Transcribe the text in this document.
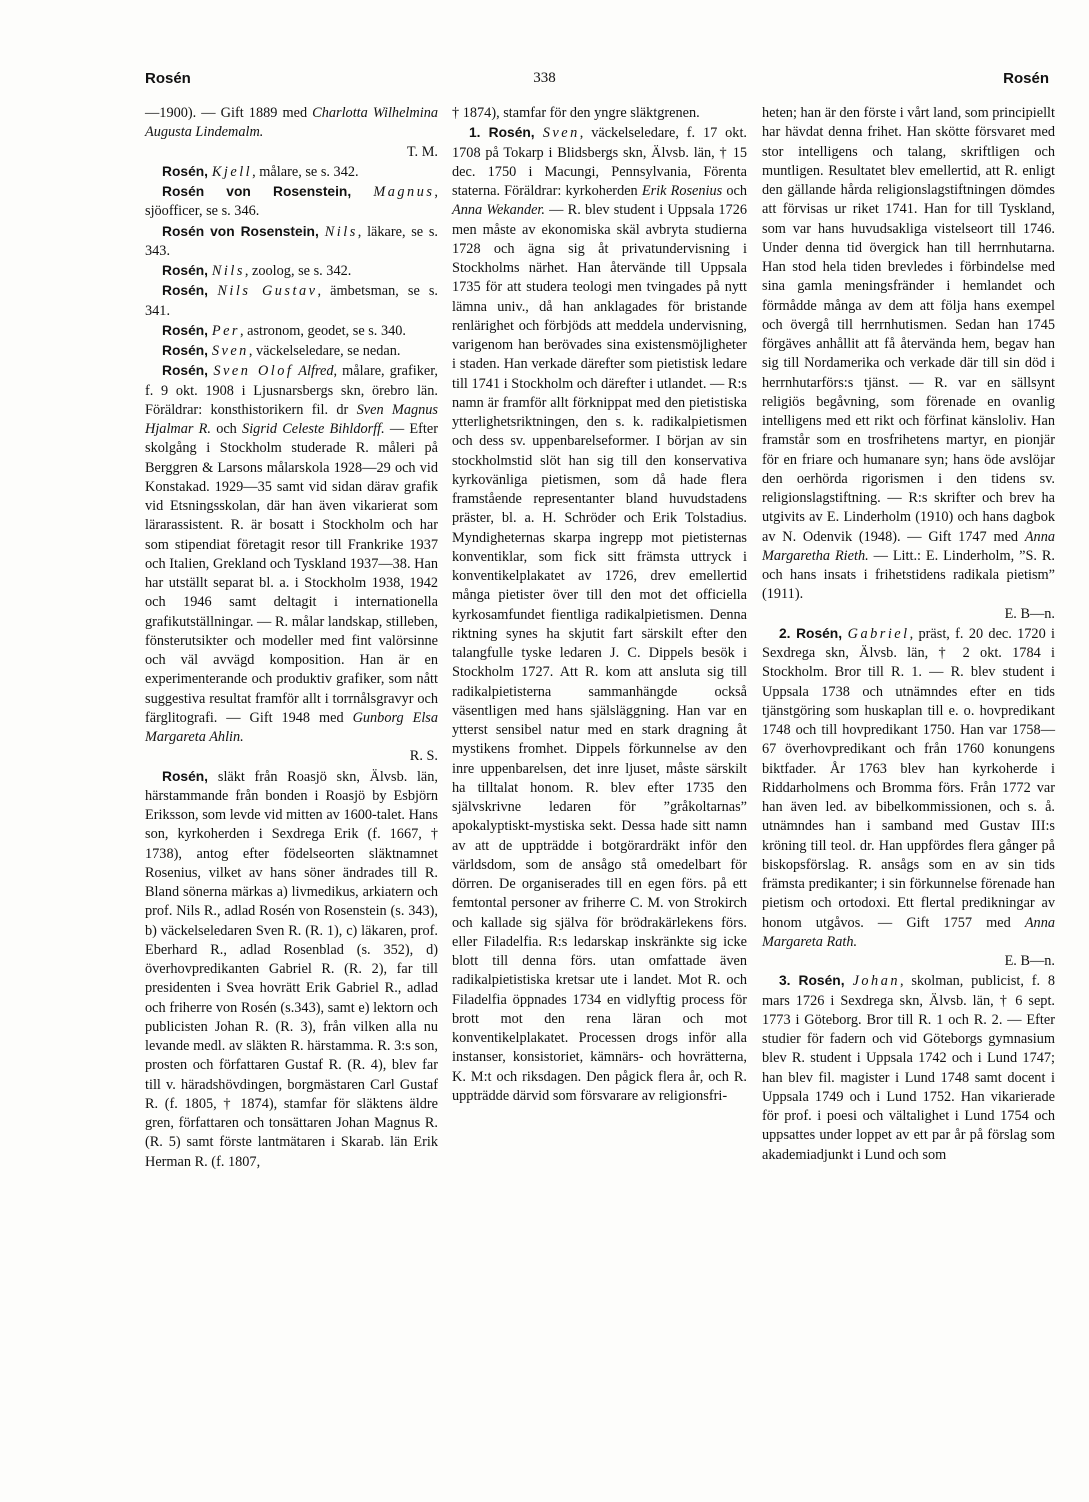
Rosén	338	Rosén

—1900). — Gift 1889 med Charlotta Wilhelmina Augusta Lindemalm.

T. M.

Rosén, Kjell, målare, se s. 342.

Rosén von Rosenstein, Magnus, sjöofficer, se s. 346.

Rosén von Rosenstein, Nils, läkare, se s. 343.

Rosén, Nils, zoolog, se s. 342.

Rosén, Nils Gustav, ämbetsman, se s. 341.

Rosén, Per, astronom, geodet, se s. 340.

Rosén, Sven, väckelseledare, se nedan.

Rosén, Sven Olof Alfred, målare, grafiker, f. 9 okt. 1908 i Ljusnarsbergs skn, örebro län. Föräldrar: konsthistorikern fil. dr Sven Magnus Hjalmar R. och Sigrid Celeste Bihldorff. — Efter skolgång i Stockholm studerade R. måleri på Berggren & Larsons målarskola 1928—29 och vid Konstakad. 1929—35 samt vid sidan därav grafik vid Etsningsskolan, där han även vikarierat som lärarassistent. R. är bosatt i Stockholm och har som stipendiat företagit resor till Frankrike 1937 och Italien, Grekland och Tyskland 1937—38. Han har utställt separat bl. a. i Stockholm 1938, 1942 och 1946 samt deltagit i internationella grafikutställningar. — R. målar landskap, stilleben, fönsterutsikter och modeller med fint valörsinne och väl avvägd komposition. Han är en experimenterande och produktiv grafiker, som nått suggestiva resultat framför allt i torrnålsgravyr och färglitografi. — Gift 1948 med Gunborg Elsa Margareta Ahlin.

R. S.

Rosén, släkt från Roasjö skn, Älvsb. län, härstammande från bonden i Roasjö by Esbjörn Eriksson, som levde vid mitten av 1600-talet. Hans son, kyrkoherden i Sexdrega Erik (f. 1667, † 1738), antog efter födelseorten släktnamnet Rosenius, vilket av hans söner ändrades till R. Bland sönerna märkas a) livmedikus, arkiatern och prof. Nils R., adlad Rosén von Rosenstein (s. 343), b) väckelseledaren Sven R. (R. 1), c) läkaren, prof. Eberhard R., adlad Rosenblad (s. 352), d) överhovpredikanten Gabriel R. (R. 2), far till presidenten i Svea hovrätt Erik Gabriel R., adlad och friherre von Rosén (s.343), samt e) lektorn och publicisten Johan R. (R. 3), från vilken alla nu levande medl. av släkten R. härstamma. R. 3:s son, prosten och författaren Gustaf R. (R. 4), blev far till v. häradshövdingen, borgmästaren Carl Gustaf R. (f. 1805, † 1874), stamfar för släktens äldre gren, författaren och tonsättaren Johan Magnus R. (R. 5) samt förste lantmätaren i Skarab. län Erik Herman R. (f. 1807,

† 1874), stamfar för den yngre släktgrenen.

1. Rosén, Sven, väckelseledare, f. 17 okt. 1708 på Tokarp i Blidsbergs skn, Älvsb. län, † 15 dec. 1750 i Macungi, Pennsylvania, Förenta staterna. Föräldrar: kyrkoherden Erik Rosenius och Anna Wekander. — R. blev student i Uppsala 1726 men måste av ekonomiska skäl avbryta studierna 1728 och ägna sig åt privatundervisning i Stockholms närhet. Han återvände till Uppsala 1735 för att studera teologi men tvingades på nytt lämna univ., då han anklagades för bristande renlärighet och förbjöds att meddela undervisning, varigenom han berövades sina existensmöjligheter i staden. Han verkade därefter som pietistisk ledare till 1741 i Stockholm och därefter i utlandet. — R:s namn är framför allt förknippat med den pietistiska ytterlighetsriktningen, den s. k. radikalpietismen och dess sv. uppenbarelseformer. I början av sin stockholmstid slöt han sig till den konservativa kyrkovänliga pietismen, som då hade flera framstående representanter bland huvudstadens präster, bl. a. H. Schröder och Erik Tolstadius. Myndigheternas skarpa ingrepp mot pietisternas konventiklar, som fick sitt främsta uttryck i konventikelplakatet av 1726, drev emellertid många pietister över till den mot det officiella kyrkosamfundet fientliga radikalpietismen. Denna riktning synes ha skjutit fart särskilt efter den talangfulle tyske ledaren J. C. Dippels besök i Stockholm 1727. Att R. kom att ansluta sig till radikalpietisterna sammanhängde också väsentligen med hans själsläggning. Han var en ytterst sensibel natur med en stark dragning åt mystikens fromhet. Dippels förkunnelse av den inre uppenbarelsen, det inre ljuset, måste särskilt ha tilltalat honom. R. blev efter 1735 den självskrivne ledaren för ”gråkoltarnas” apokalyptiskt-mystiska sekt. Dessa hade sitt namn av att de uppträdde i botgörardräkt inför den världsdom, som de ansågo stå omedelbart för dörren. De organiserades till en egen förs. på ett femtontal personer av friherre C. M. von Strokirch och kallade sig själva för brödrakärlekens förs. eller Filadelfia. R:s ledarskap inskränkte sig icke blott till denna förs. utan omfattade även radikalpietistiska kretsar ute i landet. Mot R. och Filadelfia öppnades 1734 en vidlyftig process för brott mot den rena läran och mot konventikelplakatet. Processen drogs inför alla instanser, konsistoriet, kämnärs- och hovrätterna, K. M:t och riksdagen. Den pågick flera år, och R. uppträdde därvid som försvarare av religionsfri-

heten; han är den förste i vårt land, som principiellt har hävdat denna frihet. Han skötte försvaret med stor intelligens och talang, skriftligen och muntligen. Resultatet blev emellertid, att R. enligt den gällande hårda religionslagstiftningen dömdes att förvisas ur riket 1741. Han for till Tyskland, som var hans huvudsakliga vistelseort till 1746. Under denna tid övergick han till herrnhutarna. Han stod hela tiden brevledes i förbindelse med sina gamla meningsfränder i hemlandet och förmådde många av dem att följa hans exempel och övergå till herrnhutismen. Sedan han 1745 förgäves anhållit att få återvända hem, begav han sig till Nordamerika och verkade där till sin död i herrnhutarförs:s tjänst. — R. var en sällsynt religiös begåvning, som förenade en ovanlig intelligens med ett rikt och förfinat känsloliv. Han framstår som en trosfrihetens martyr, en pionjär för en friare och humanare syn; hans öde avslöjar den oerhörda rigorismen i den tidens sv. religionslagstiftning. — R:s skrifter och brev ha utgivits av E. Linderholm (1910) och hans dagbok av N. Odenvik (1948). — Gift 1747 med Anna Margaretha Rieth. — Litt.: E. Linderholm, ”S. R. och hans insats i frihetstidens radikala pietism” (1911).

E. B—n.

2. Rosén, Gabriel, präst, f. 20 dec. 1720 i Sexdrega skn, Älvsb. län, † 2 okt. 1784 i Stockholm. Bror till R. 1. — R. blev student i Uppsala 1738 och utnämndes efter en tids tjänstgöring som huskaplan till e. o. hovpredikant 1748 och till hovpredikant 1750. Han var 1758—67 överhovpredikant och från 1760 konungens biktfader. År 1763 blev han kyrkoherde i Riddarholmens och Bromma förs. Från 1772 var han även led. av bibelkommissionen, och s. å. utnämndes han i samband med Gustav III:s kröning till teol. dr. Han uppfördes flera gånger på biskopsförslag. R. ansågs som en av sin tids främsta predikanter; i sin förkunnelse förenade han pietism och ortodoxi. Ett flertal predikningar av honom utgåvos. — Gift 1757 med Anna Margareta Rath.

E. B—n.

3. Rosén, Johan, skolman, publicist, f. 8 mars 1726 i Sexdrega skn, Älvsb. län, † 6 sept. 1773 i Göteborg. Bror till R. 1 och R. 2. — Efter studier för fadern och vid Göteborgs gymnasium blev R. student i Uppsala 1742 och i Lund 1747; han blev fil. magister i Lund 1748 samt docent i Uppsala 1749 och i Lund 1752. Han vikarierade för prof. i poesi och vältalighet i Lund 1754 och uppsattes under loppet av ett par år på förslag som akademiadjunkt i Lund och som
